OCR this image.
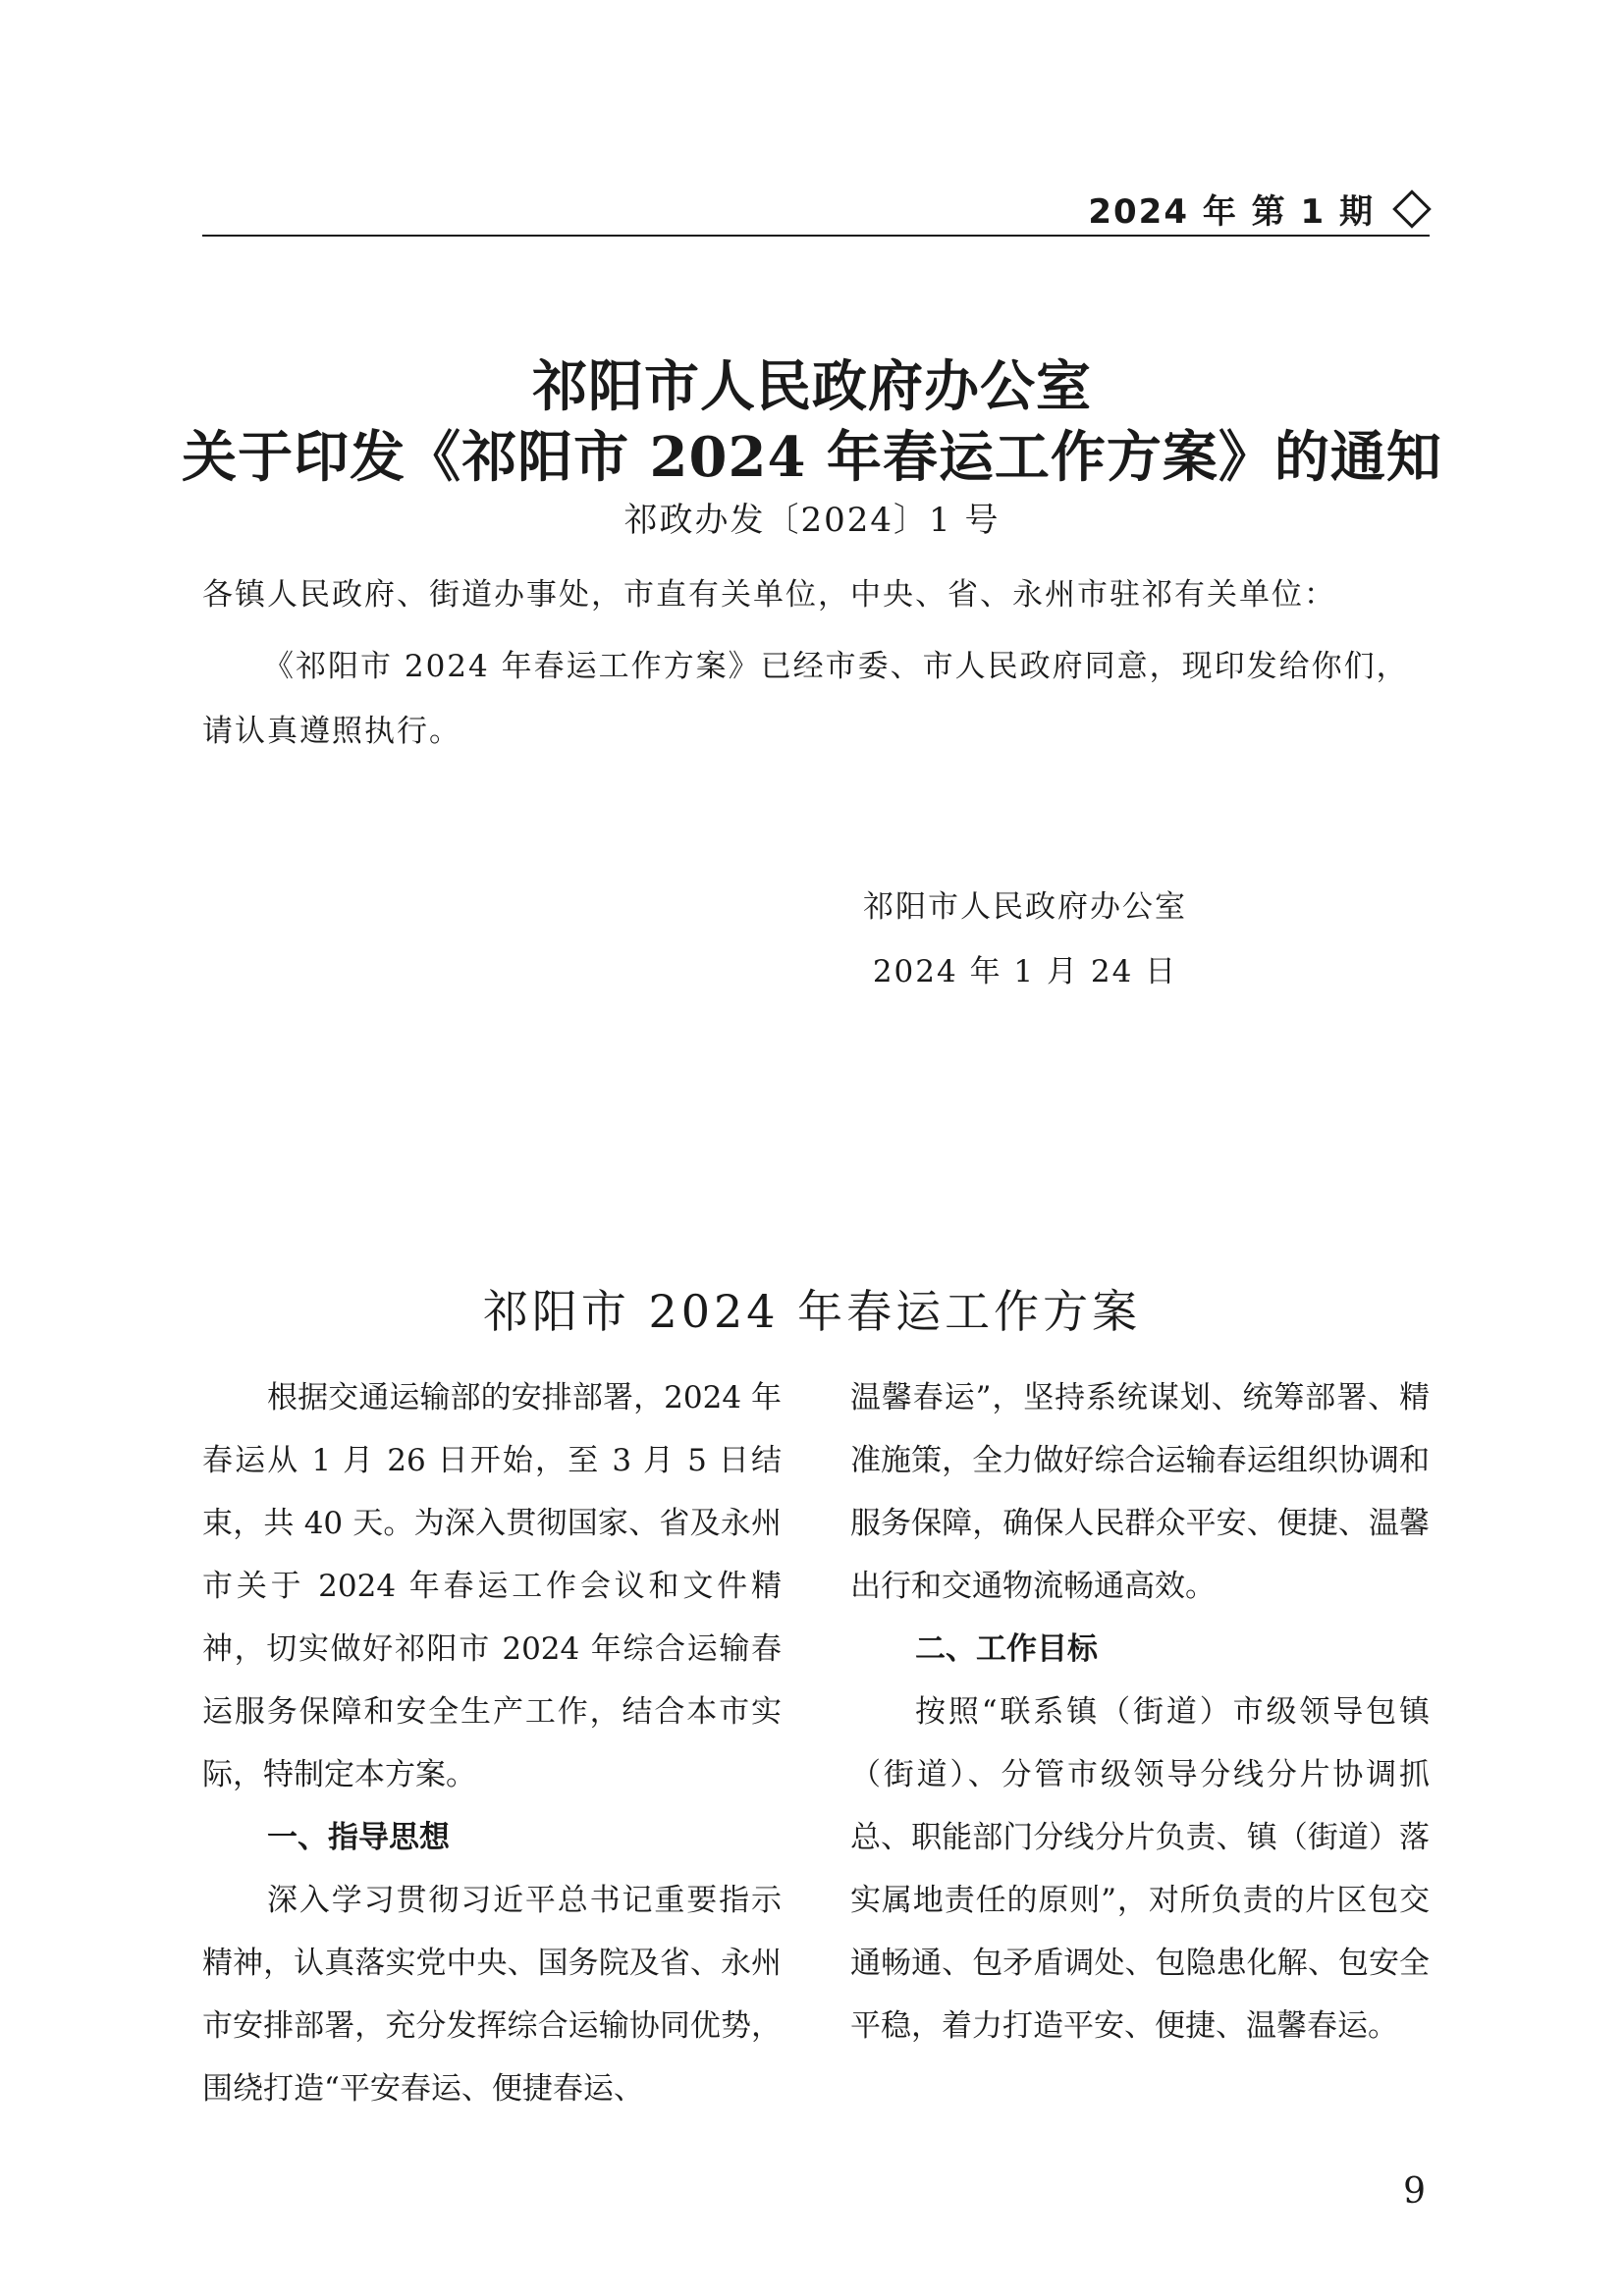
2024 年 第 1 期
祁阳市人民政府办公室
关于印发《祁阳市 2024 年春运工作方案》的通知
祁政办发〔2024〕1 号
各镇人民政府、街道办事处，市直有关单位，中央、省、永州市驻祁有关单位：

《祁阳市 2024 年春运工作方案》已经市委、市人民政府同意，现印发给你们，请认真遵照执行。

祁阳市人民政府办公室
2024 年 1 月 24 日
祁阳市 2024 年春运工作方案

根据交通运输部的安排部署，2024 年春运从 1 月 26 日开始，至 3 月 5 日结束，共 40 天。为深入贯彻国家、省及永州市关于 2024 年春运工作会议和文件精神，切实做好祁阳市 2024 年综合运输春运服务保障和安全生产工作，结合本市实际，特制定本方案。

一、指导思想

深入学习贯彻习近平总书记重要指示精神，认真落实党中央、国务院及省、永州市安排部署，充分发挥综合运输协同优势，围绕打造“平安春运、便捷春运、

温馨春运”，坚持系统谋划、统筹部署、精准施策，全力做好综合运输春运组织协调和服务保障，确保人民群众平安、便捷、温馨出行和交通物流畅通高效。

二、工作目标

按照“联系镇（街道）市级领导包镇（街道）、分管市级领导分线分片协调抓总、职能部门分线分片负责、镇（街道）落实属地责任的原则”，对所负责的片区包交通畅通、包矛盾调处、包隐患化解、包安全平稳，着力打造平安、便捷、温馨春运。

9
